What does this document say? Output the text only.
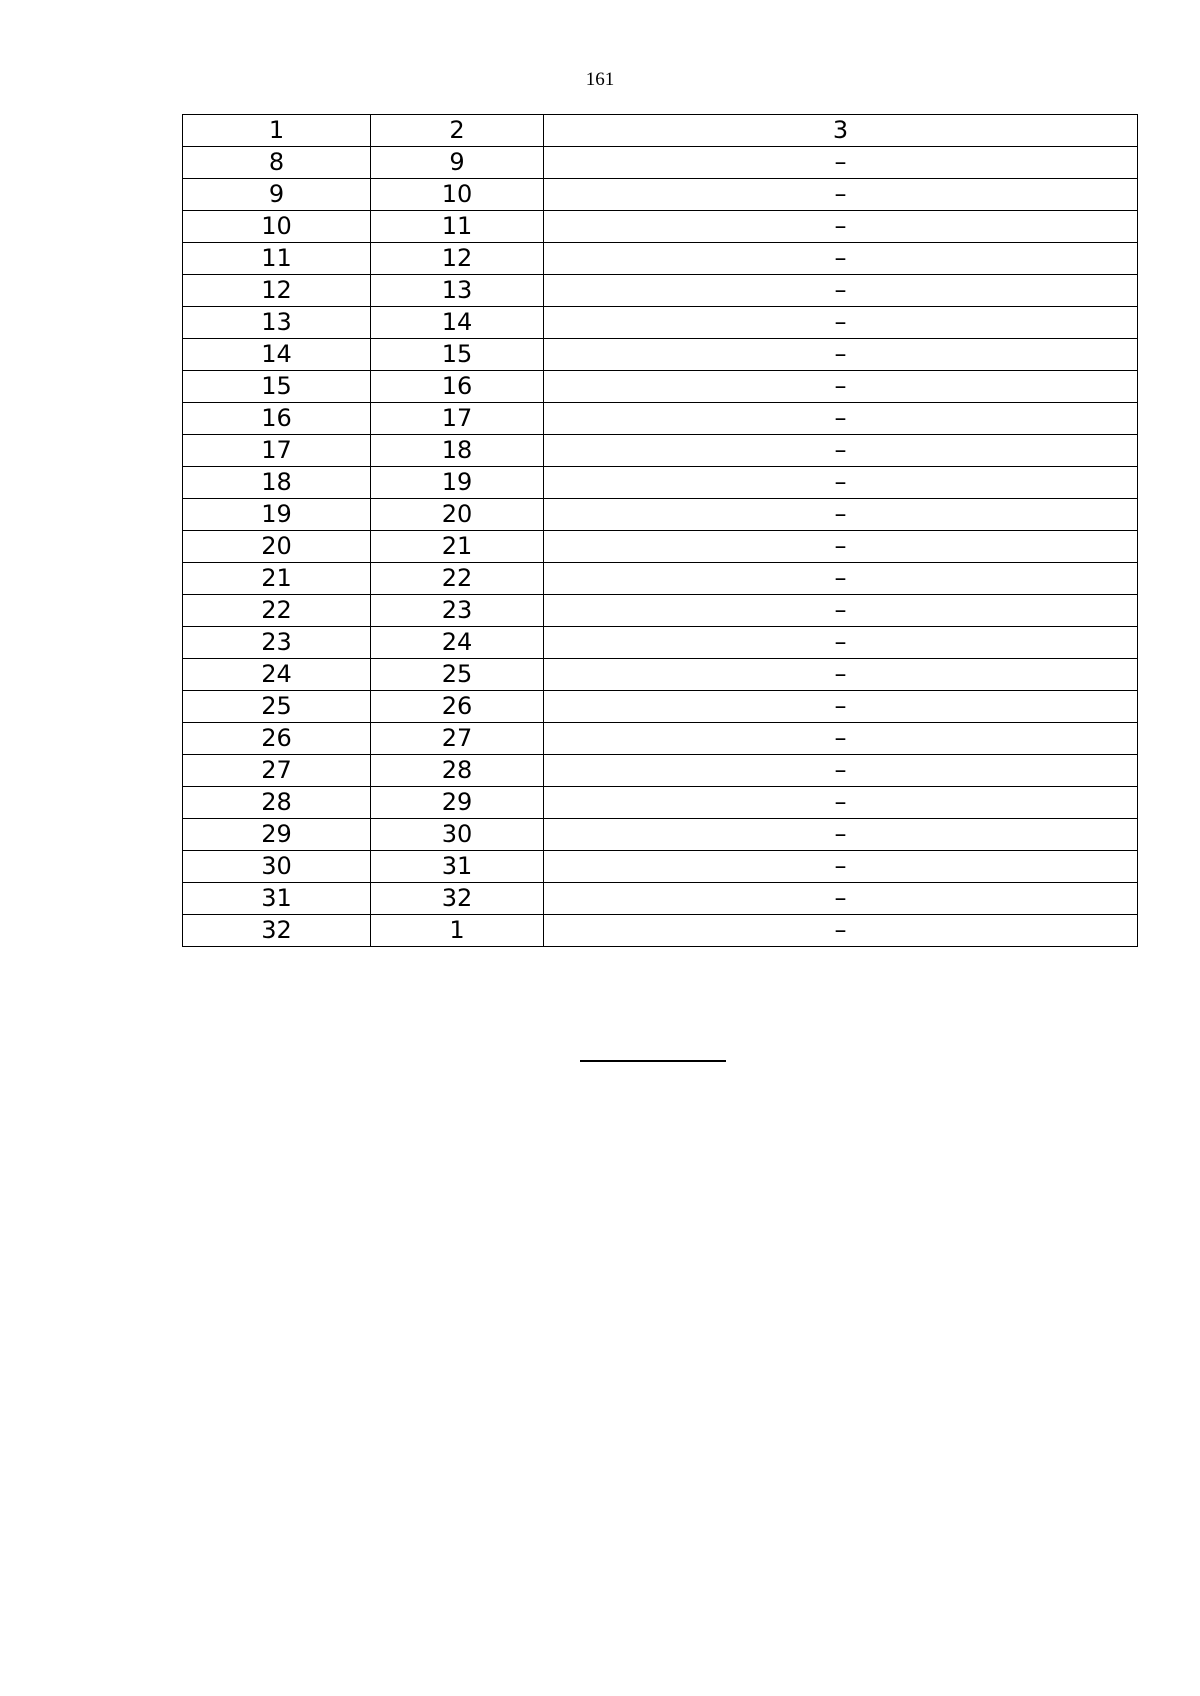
161
1	2	3
8	9	–
9	10	–
10	11	–
11	12	–
12	13	–
13	14	–
14	15	–
15	16	–
16	17	–
17	18	–
18	19	–
19	20	–
20	21	–
21	22	–
22	23	–
23	24	–
24	25	–
25	26	–
26	27	–
27	28	–
28	29	–
29	30	–
30	31	–
31	32	–
32	1	–
